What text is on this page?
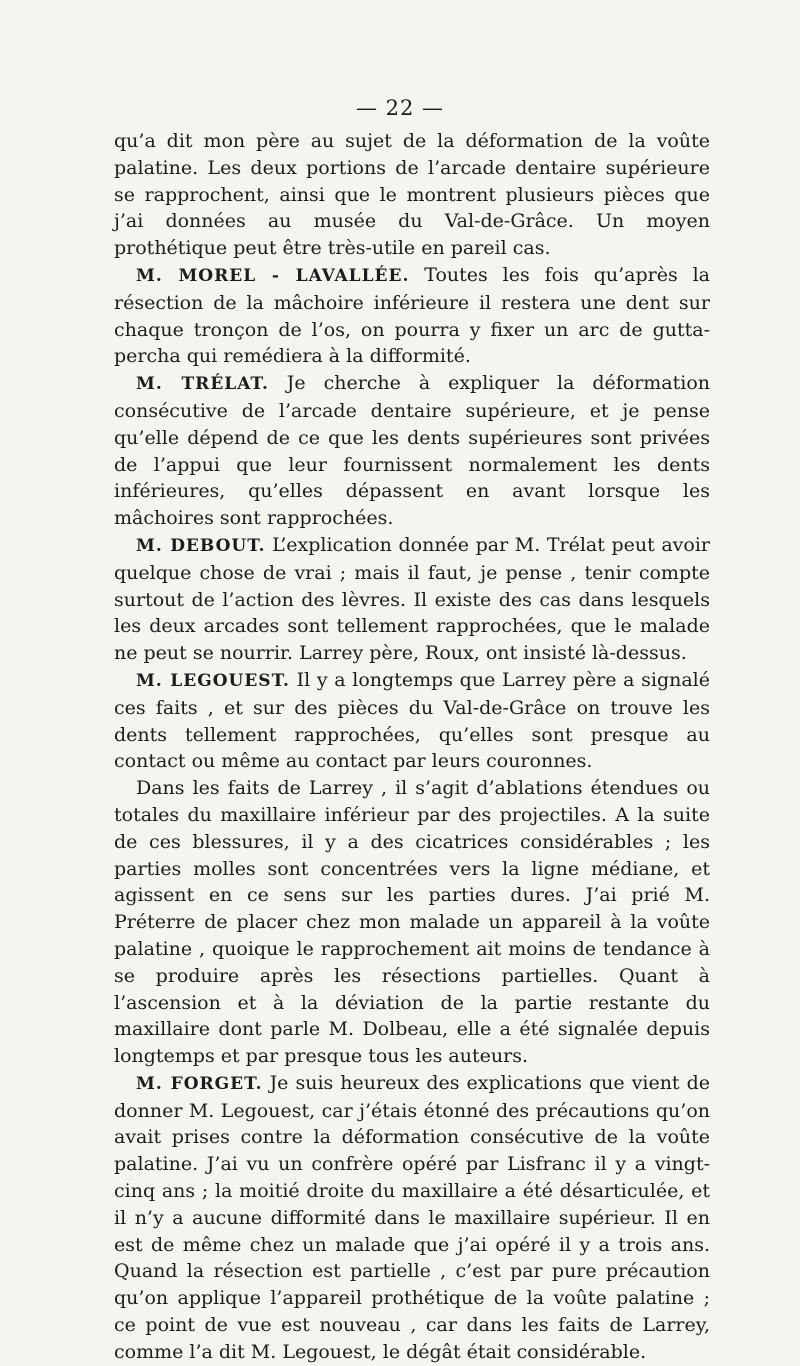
— 22 —

qu’a dit mon père au sujet de la déformation de la voûte palatine. Les deux portions de l’arcade dentaire supérieure se rapprochent, ainsi que le montrent plusieurs pièces que j’ai données au musée du Val-de-Grâce. Un moyen prothétique peut être très-utile en pareil cas.

M. MOREL - LAVALLÉE. Toutes les fois qu’après la résection de la mâchoire inférieure il restera une dent sur chaque tronçon de l’os, on pourra y fixer un arc de gutta-percha qui remédiera à la difformité.

M. TRÉLAT. Je cherche à expliquer la déformation consécutive de l’arcade dentaire supérieure, et je pense qu’elle dépend de ce que les dents supérieures sont privées de l’appui que leur fournissent normalement les dents inférieures, qu’elles dépassent en avant lorsque les mâchoires sont rapprochées.

M. DEBOUT. L’explication donnée par M. Trélat peut avoir quelque chose de vrai ; mais il faut, je pense , tenir compte surtout de l’action des lèvres. Il existe des cas dans lesquels les deux arcades sont tellement rapprochées, que le malade ne peut se nourrir. Larrey père, Roux, ont insisté là-dessus.

M. LEGOUEST. Il y a longtemps que Larrey père a signalé ces faits , et sur des pièces du Val-de-Grâce on trouve les dents tellement rapprochées, qu’elles sont presque au contact ou même au contact par leurs couronnes.

Dans les faits de Larrey , il s’agit d’ablations étendues ou totales du maxillaire inférieur par des projectiles. A la suite de ces blessures, il y a des cicatrices considérables ; les parties molles sont concentrées vers la ligne médiane, et agissent en ce sens sur les parties dures. J’ai prié M. Préterre de placer chez mon malade un appareil à la voûte palatine , quoique le rapprochement ait moins de tendance à se produire après les résections partielles. Quant à l’ascension et à la déviation de la partie restante du maxillaire dont parle M. Dolbeau, elle a été signalée depuis longtemps et par presque tous les auteurs.

M. FORGET. Je suis heureux des explications que vient de donner M. Legouest, car j’étais étonné des précautions qu’on avait prises contre la déformation consécutive de la voûte palatine. J’ai vu un confrère opéré par Lisfranc il y a vingt-cinq ans ; la moitié droite du maxillaire a été désarticulée, et il n’y a aucune difformité dans le maxillaire supérieur. Il en est de même chez un malade que j’ai opéré il y a trois ans. Quand la résection est partielle , c’est par pure précaution qu’on applique l’appareil prothétique de la voûte palatine ; ce point de vue est nouveau , car dans les faits de Larrey, comme l’a dit M. Legouest, le dégât était considérable.
